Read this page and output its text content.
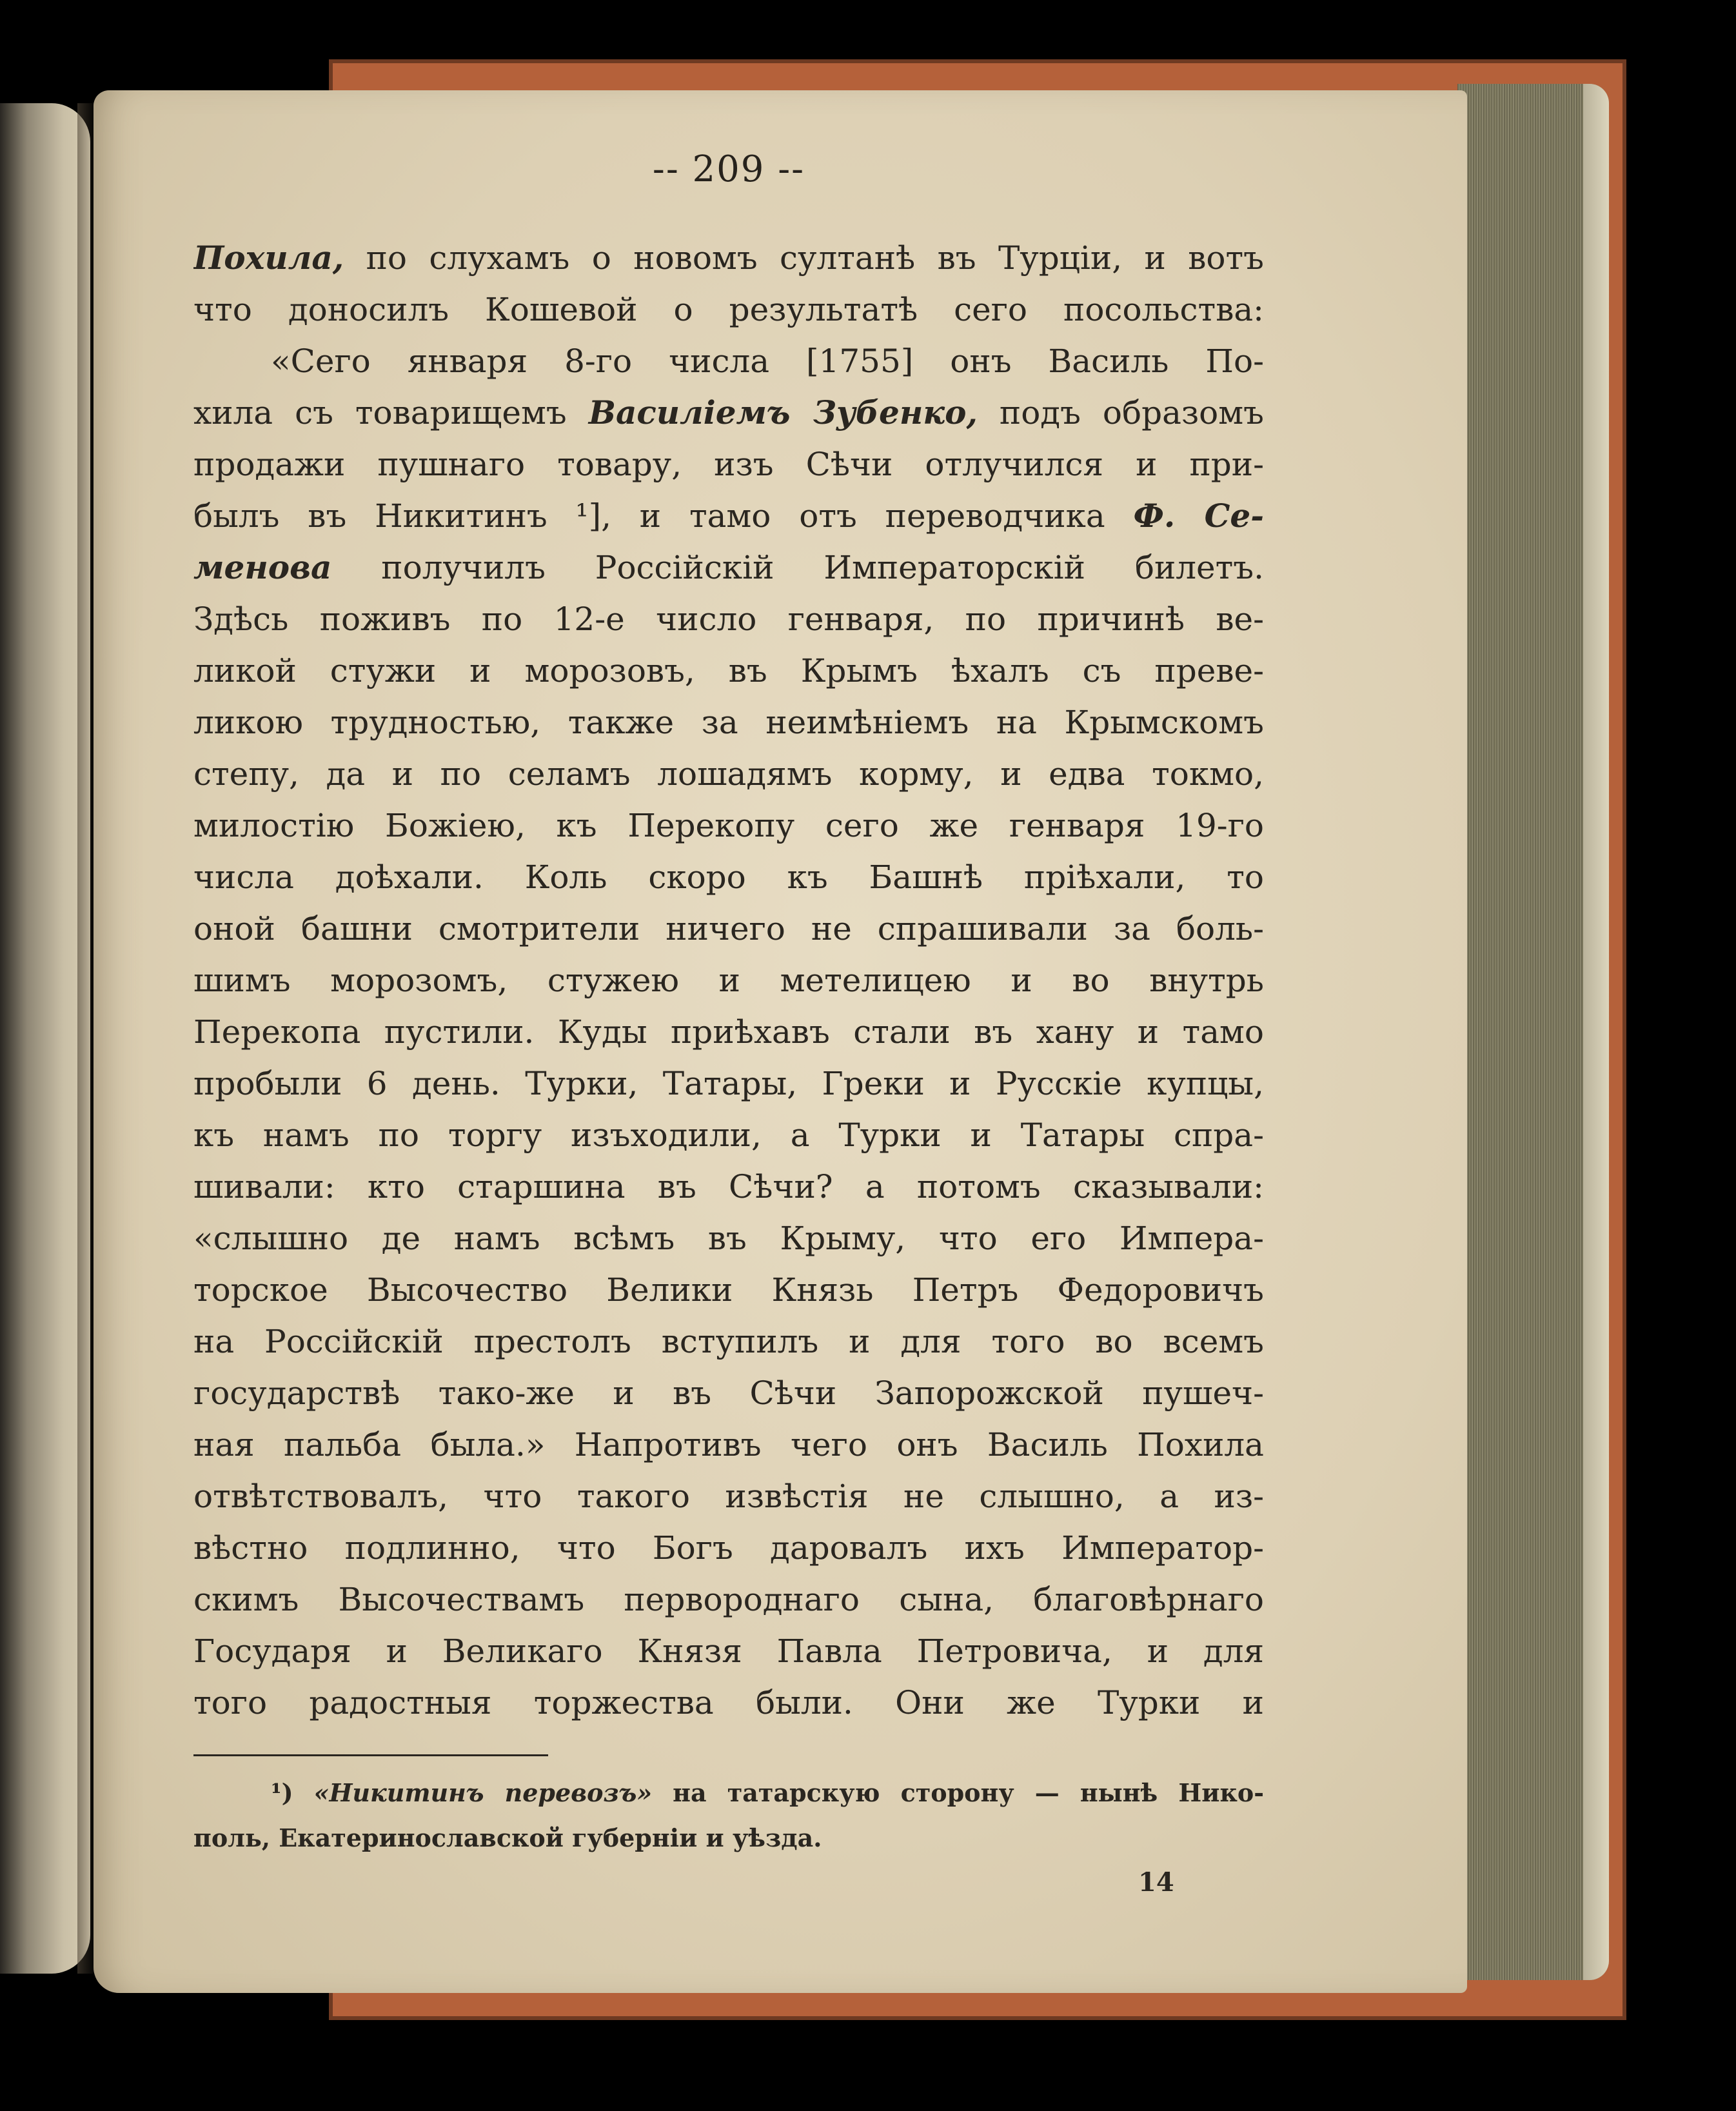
-- 209 --
Похила, по слухамъ о новомъ султанѣ въ Турціи, и вотъ
что доносилъ Кошевой о результатѣ сего посольства:
«Сего января 8-го числа [1755] онъ Василь По-
хила съ товарищемъ Василіемъ Зубенко, подъ образомъ
продажи пушнаго товару, изъ Сѣчи отлучился и при-
былъ въ Никитинъ ¹], и тамо отъ переводчика Ф. Се-
менова получилъ Россійскій Императорскій билетъ.
Здѣсь поживъ по 12-е число генваря, по причинѣ ве-
ликой стужи и морозовъ, въ Крымъ ѣхалъ съ преве-
ликою трудностью, также за неимѣніемъ на Крымскомъ
степу, да и по селамъ лошадямъ корму, и едва токмо,
милостію Божіею, къ Перекопу сего же генваря 19-го
числа доѣхали. Коль скоро къ Башнѣ пріѣхали, то
оной башни смотрители ничего не спрашивали за боль-
шимъ морозомъ, стужею и метелицею и во внутрь
Перекопа пустили. Куды приѣхавъ стали въ хану и тамо
пробыли 6 день. Турки, Татары, Греки и Русскіе купцы,
къ намъ по торгу изъходили, а Турки и Татары спра-
шивали: кто старшина въ Сѣчи? а потомъ сказывали:
«слышно де намъ всѣмъ въ Крыму, что его Импера-
торское Высочество Велики Князь Петръ Федоровичъ
на Россійскій престолъ вступилъ и для того во всемъ
государствѣ тако-же и въ Сѣчи Запорожской пушеч-
ная пальба была.» Напротивъ чего онъ Василь Похила
отвѣтствовалъ, что такого извѣстія не слышно, а из-
вѣстно подлинно, что Богъ даровалъ ихъ Император-
скимъ Высочествамъ перворoднаго сына, благовѣрнаго
Государя и Великаго Князя Павла Петровича, и для
того радостныя торжества были. Они же Турки и
¹) «Никитинъ перевозъ» на татарскую сторону — нынѣ Нико-
поль, Екатеринославской губерніи и уѣзда.
14
